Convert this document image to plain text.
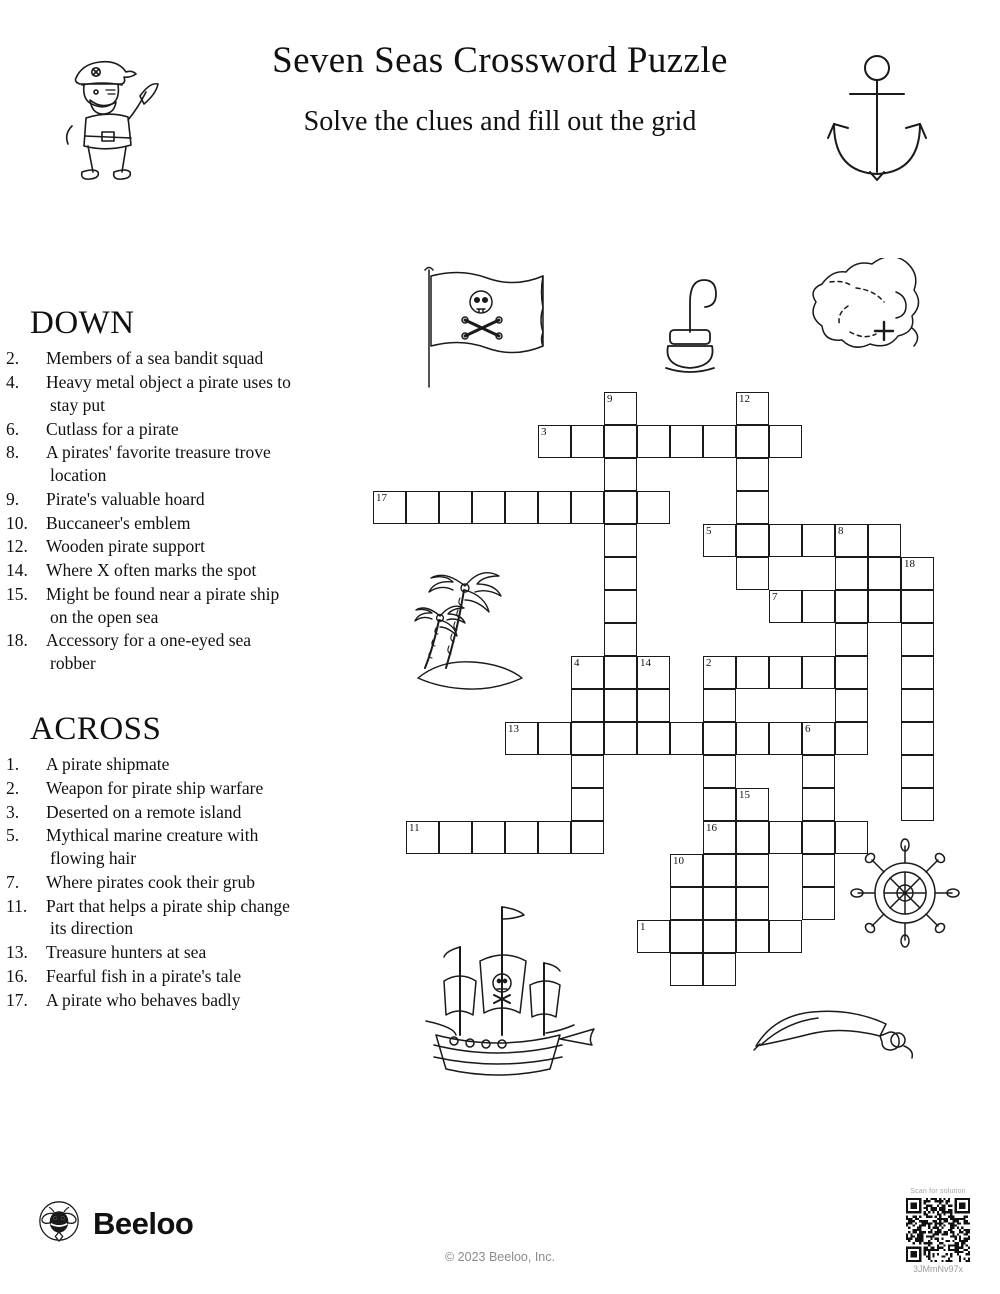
Seven Seas Crossword Puzzle
Solve the clues and fill out the grid
DOWN
2.Members of a sea bandit squad
4.Heavy metal object a pirate uses to stay put
6.Cutlass for a pirate
8.A pirates' favorite treasure trove location
9.Pirate's valuable hoard
10.Buccaneer's emblem
12.Wooden pirate support
14.Where X often marks the spot
15.Might be found near a pirate ship on the open sea
18.Accessory for a one-eyed sea robber
ACROSS
1.A pirate shipmate
2.Weapon for pirate ship warfare
3.Deserted on a remote island
5.Mythical marine creature with flowing hair
7.Where pirates cook their grub
11.Part that helps a pirate ship change its direction
13.Treasure hunters at sea
16.Fearful fish in a pirate's tale
17.A pirate who behaves badly
9	12
3
17
5	8
18
7
4	14	2
13	6
15
11	16
10
1
Beeloo
© 2023 Beeloo, Inc.
Scan for solution
3JMmNv97x
